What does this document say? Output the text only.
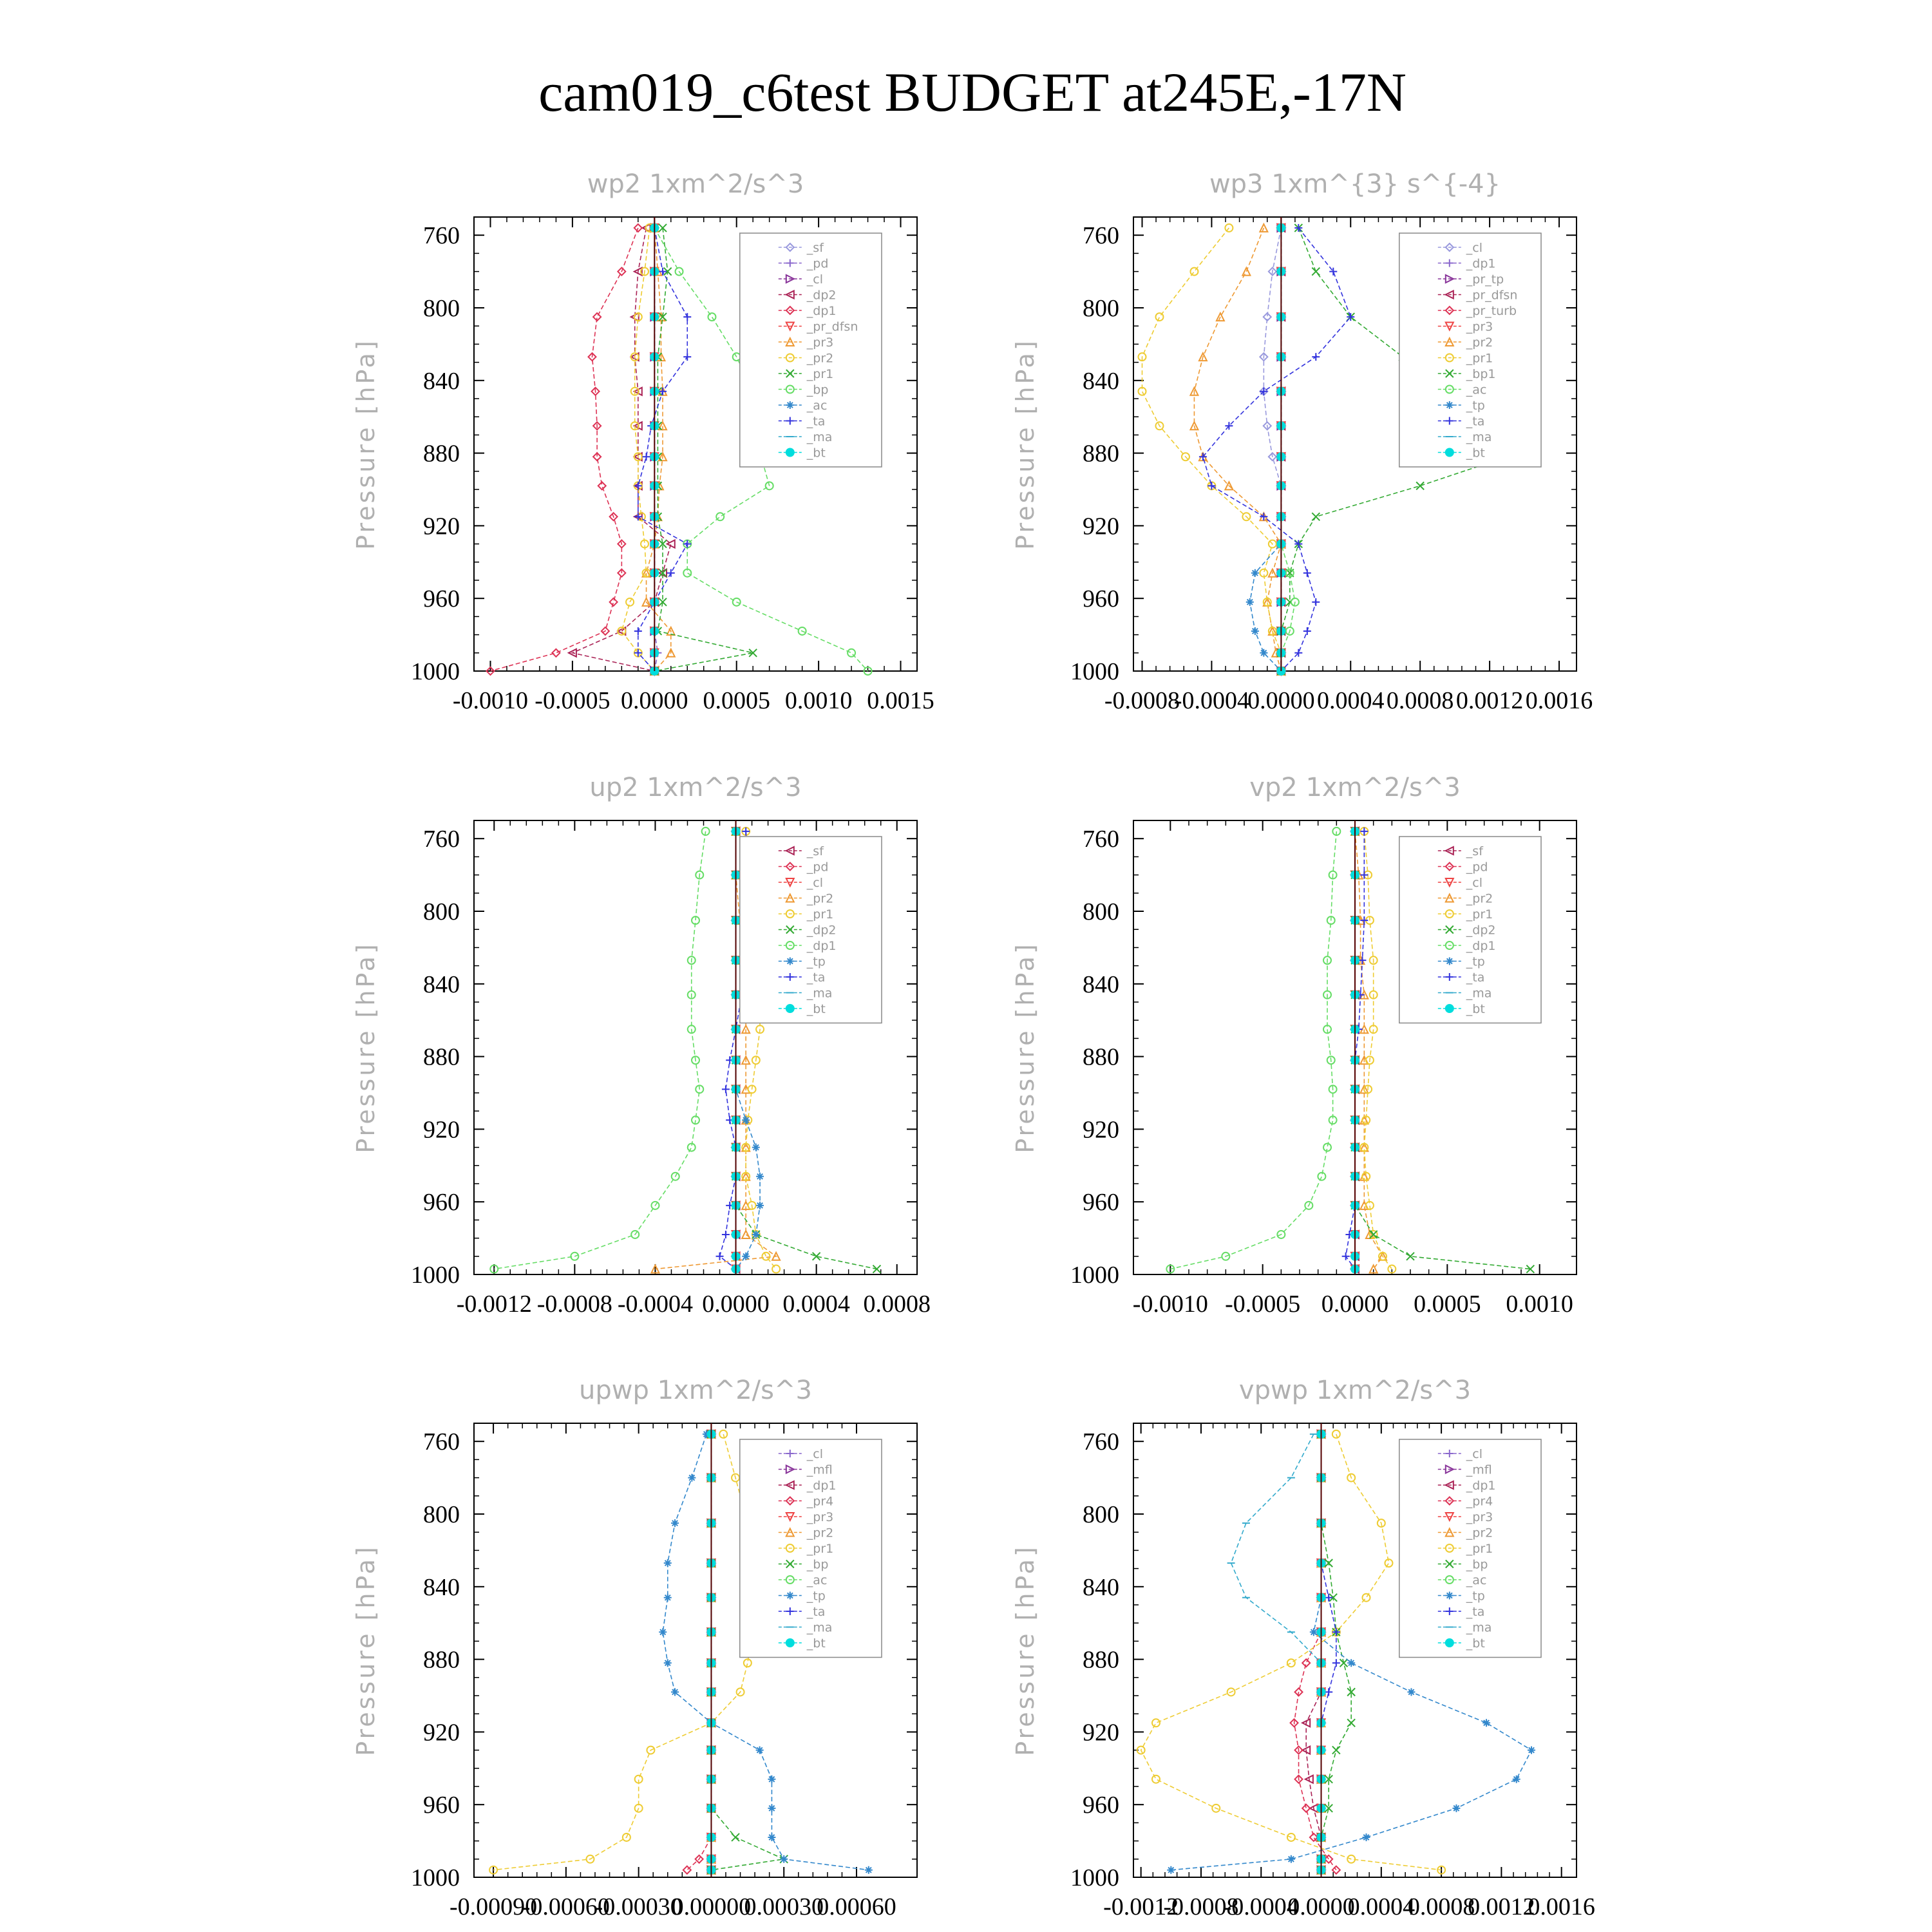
cam019_c6test BUDGET at245E,-17N
wp2 1xm^2/s^3
Pressure [hPa]
-0.0010 -0.0005 0.0000 0.0005 0.0010 0.0015
760
800
840
880
920
960
1000
_sf
_pd
_cl
_dp2
_dp1
_pr_dfsn
_pr3
_pr2
_pr1
_bp
_ac
_ta
_ma
_bt
wp3 1xm^{3} s^{-4}
Pressure [hPa]
-0.0008
-0.0004
0.0000 0.0004 0.0008 0.0012 0.0016
760
800
840
880
920
960
1000
_cl
_dp1
_pr_tp
_pr_dfsn
_pr_turb
_pr3
_pr2
_pr1
_bp1
_ac
_tp
_ta
_ma
_bt
up2 1xm^2/s^3
Pressure [hPa]
-0.0012 -0.0008 -0.0004 0.0000 0.0004 0.0008
760
800
840
880
920
960
1000
_sf
_pd
_cl
_pr2
_pr1
_dp2
_dp1
_tp
_ta
_ma
_bt
vp2 1xm^2/s^3
Pressure [hPa]
-0.0010 -0.0005 0.0000 0.0005 0.0010
760
800
840
880
920
960
1000
_sf
_pd
_cl
_pr2
_pr1
_dp2
_dp1
_tp
_ta
_ma
_bt
upwp 1xm^2/s^3
Pressure [hPa]
-0.00090
-0.00060
-0.00030
0.00000
0.00030
0.00060
760
800
840
880
920
960
1000
_cl
_mfl
_dp1
_pr4
_pr3
_pr2
_pr1
_bp
_ac
_tp
_ta
_ma
_bt
vpwp 1xm^2/s^3
Pressure [hPa]
-0.0012
-0.0008
-0.0004
0.0000
0.0004
0.0008
0.0012
0.0016
760
800
840
880
920
960
1000
_cl
_mfl
_dp1
_pr4
_pr3
_pr2
_pr1
_bp
_ac
_tp
_ta
_ma
_bt
